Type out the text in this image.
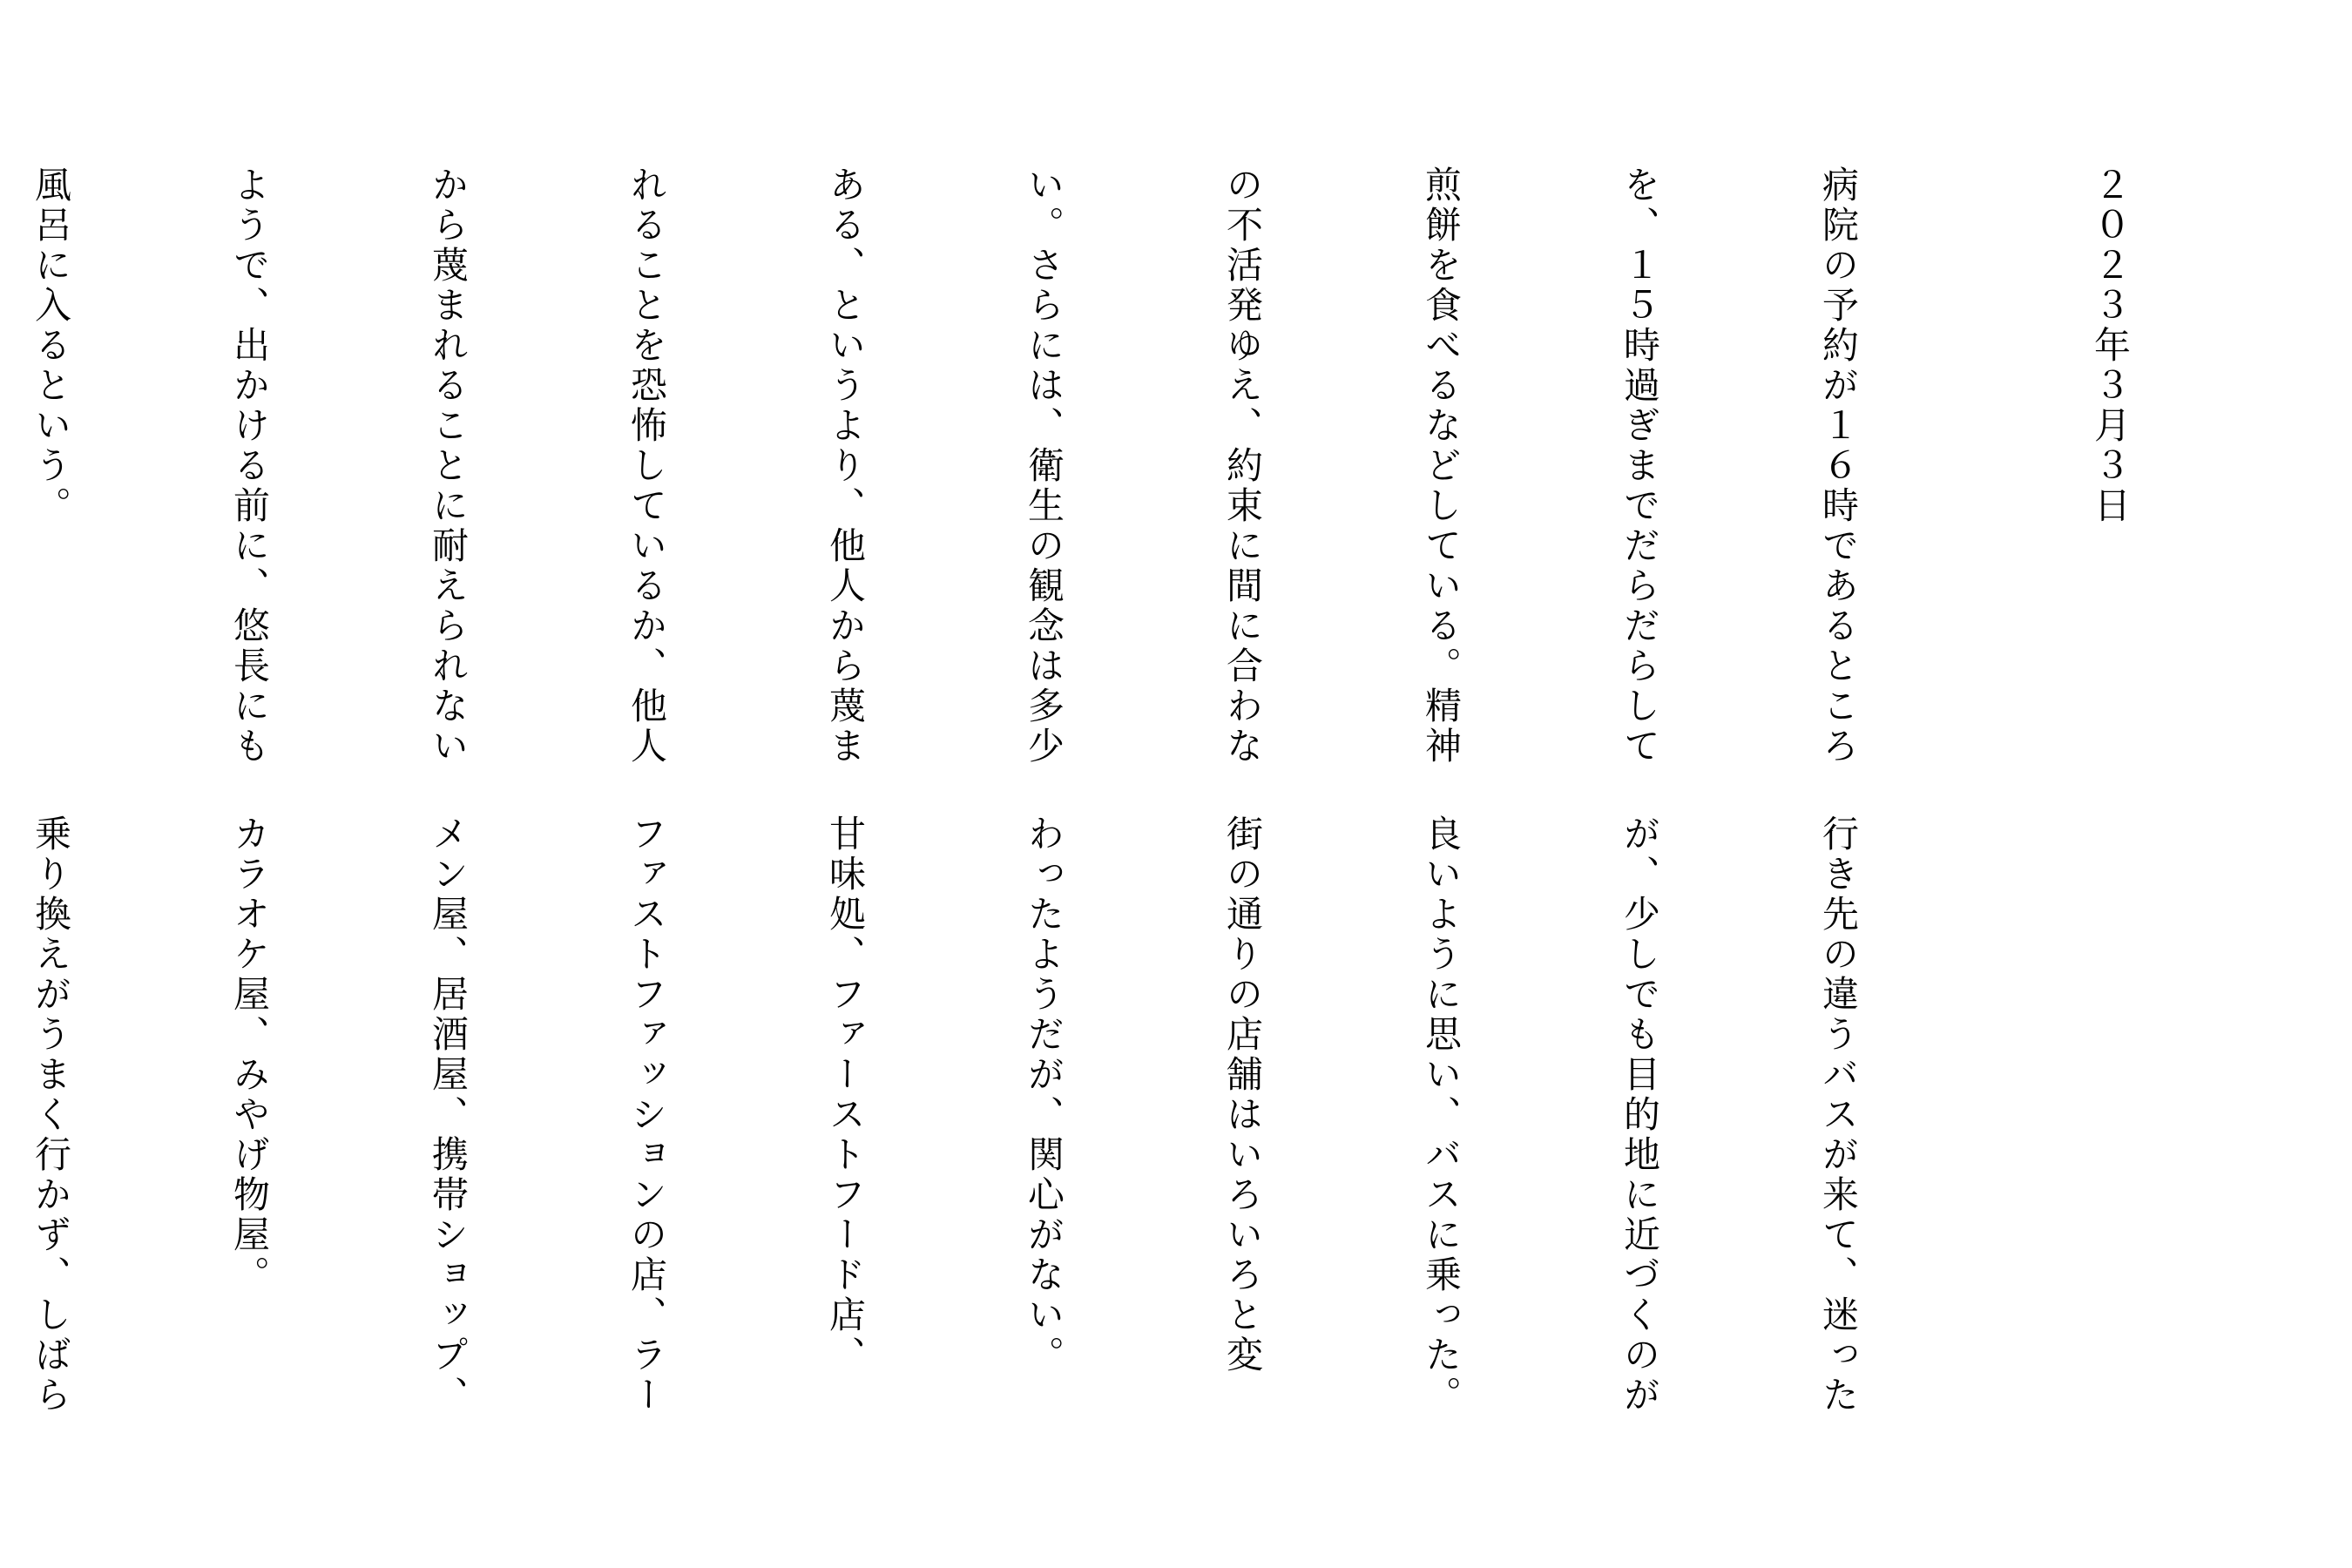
２０２３年３月３日

病院の予約が１６時であるところ

を、１５時過ぎまでだらだらして

煎餅を食べるなどしている。精神

の不活発ゆえ、約束に間に合わな

い。さらには、衛生の観念は多少

ある、というより、他人から蔑ま

れることを恐怖しているか、他人

から蔑まれることに耐えられない

ようで、出かける前に、悠長にも

風呂に入るという。

行き先の違うバスが来て、迷った

が、少しでも目的地に近づくのが

良いように思い、バスに乗った。

街の通りの店舗はいろいろと変

わったようだが、関心がない。

甘味処、ファーストフード店、

ファストファッションの店、ラー

メン屋、居酒屋、携帯ショップ、

カラオケ屋、みやげ物屋。

乗り換えがうまく行かず、しばら
